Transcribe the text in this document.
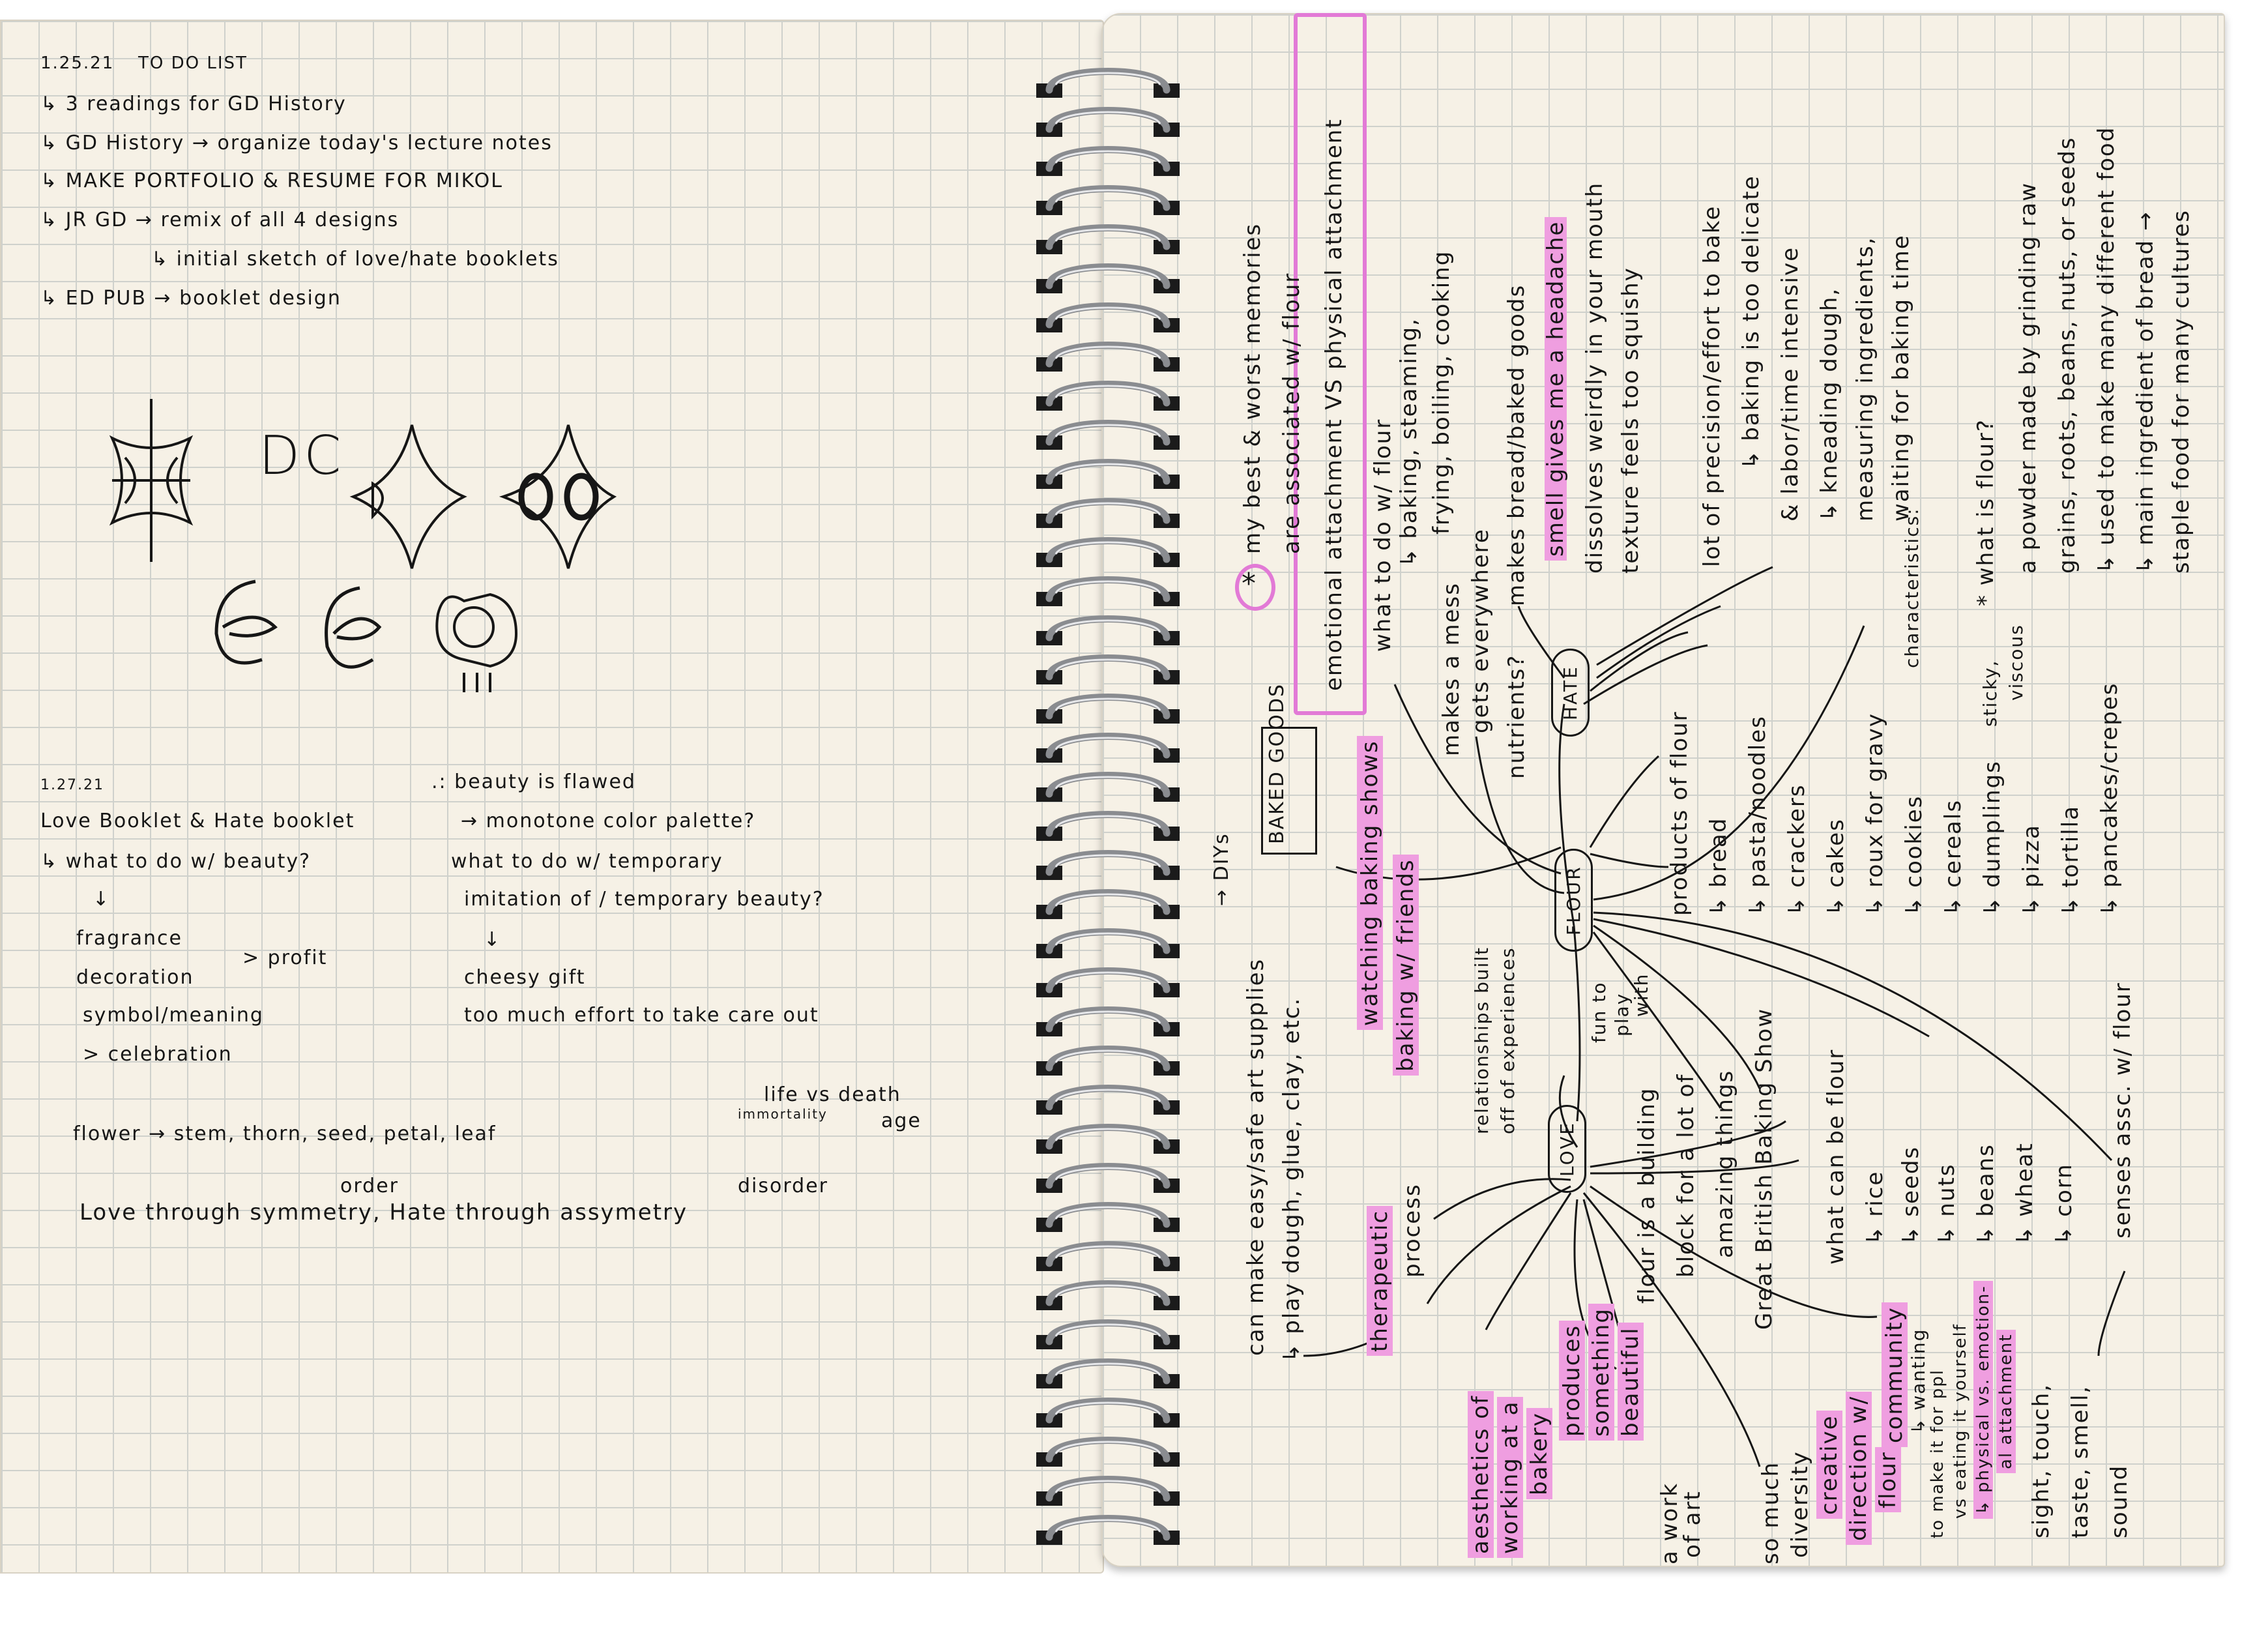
1.25.21 TO DO LIST
↳ 3 readings for GD History
↳ GD History → organize today's lecture notes
↳ MAKE PORTFOLIO & RESUME FOR MIKOL
↳ JR GD → remix of all 4 designs
↳ initial sketch of love/hate booklets
↳ ED PUB → booklet design
DC
1.27.21
Love Booklet & Hate booklet
.: beauty is flawed
→ monotone color palette?
↳ what to do w/ beauty?	what to do w/ temporary
↓	imitation of / temporary beauty?
fragrance
> profit
↓
decoration	cheesy gift
symbol/meaning	too much effort to take care out
> celebration
life vs death
immortality	age
flower → stem, thorn, seed, petal, leaf
order	disorder
Love through symmetry, Hate through assymetry
FLOUR
HATE
LOVE
BAKED GOODS
*
my best & worst memories are associated w/ flour emotional attachment VS physical attachment what to do w/ flour ↳ baking, steaming, frying, boiling, cooking
makes a mess gets everywhere nutrients?
makes bread/baked goods smell gives me a headache dissolves weirdly in your mouth texture feels too squishy	lot of precision/effort to bake ↳ baking is too delicate & labor/time intensive ↳ kneading dough, measuring ingredients, waiting for baking time
products of flour ↳ bread ↳ pasta/noodles ↳ crackers ↳ cakes ↳ roux for gravy ↳ cookies ↳ cereals ↳ dumplings ↳ pizza ↳ tortilla ↳ pancakes/crepes
characteristics:
sticky, viscous
* what is flour? a powder made by grinding raw grains, roots, beans, nuts, or seeds ↳ used to make many different food ↳ main ingredient of bread → staple food for many cultures
→ DIYs
can make easy/safe art supplies ↳ play dough, glue, clay, etc.
watching baking shows baking w/ friends
therapeutic process
relationships built off of experiences	fun to play
with
flour is a building block for a lot of amazing things Great British Baking Show what can be flour ↳ rice ↳ seeds ↳ nuts ↳ beans ↳ wheat ↳ corn senses assc. w/ flour
sight, touch, taste, smell, sound
aesthetics of working at a bakery
produces something beautiful
a work
of art so much diversity creative direction w/ flour
community ↳ wanting
to make it for ppl vs eating it yourself ↳ physical vs. emotion- al attachment
